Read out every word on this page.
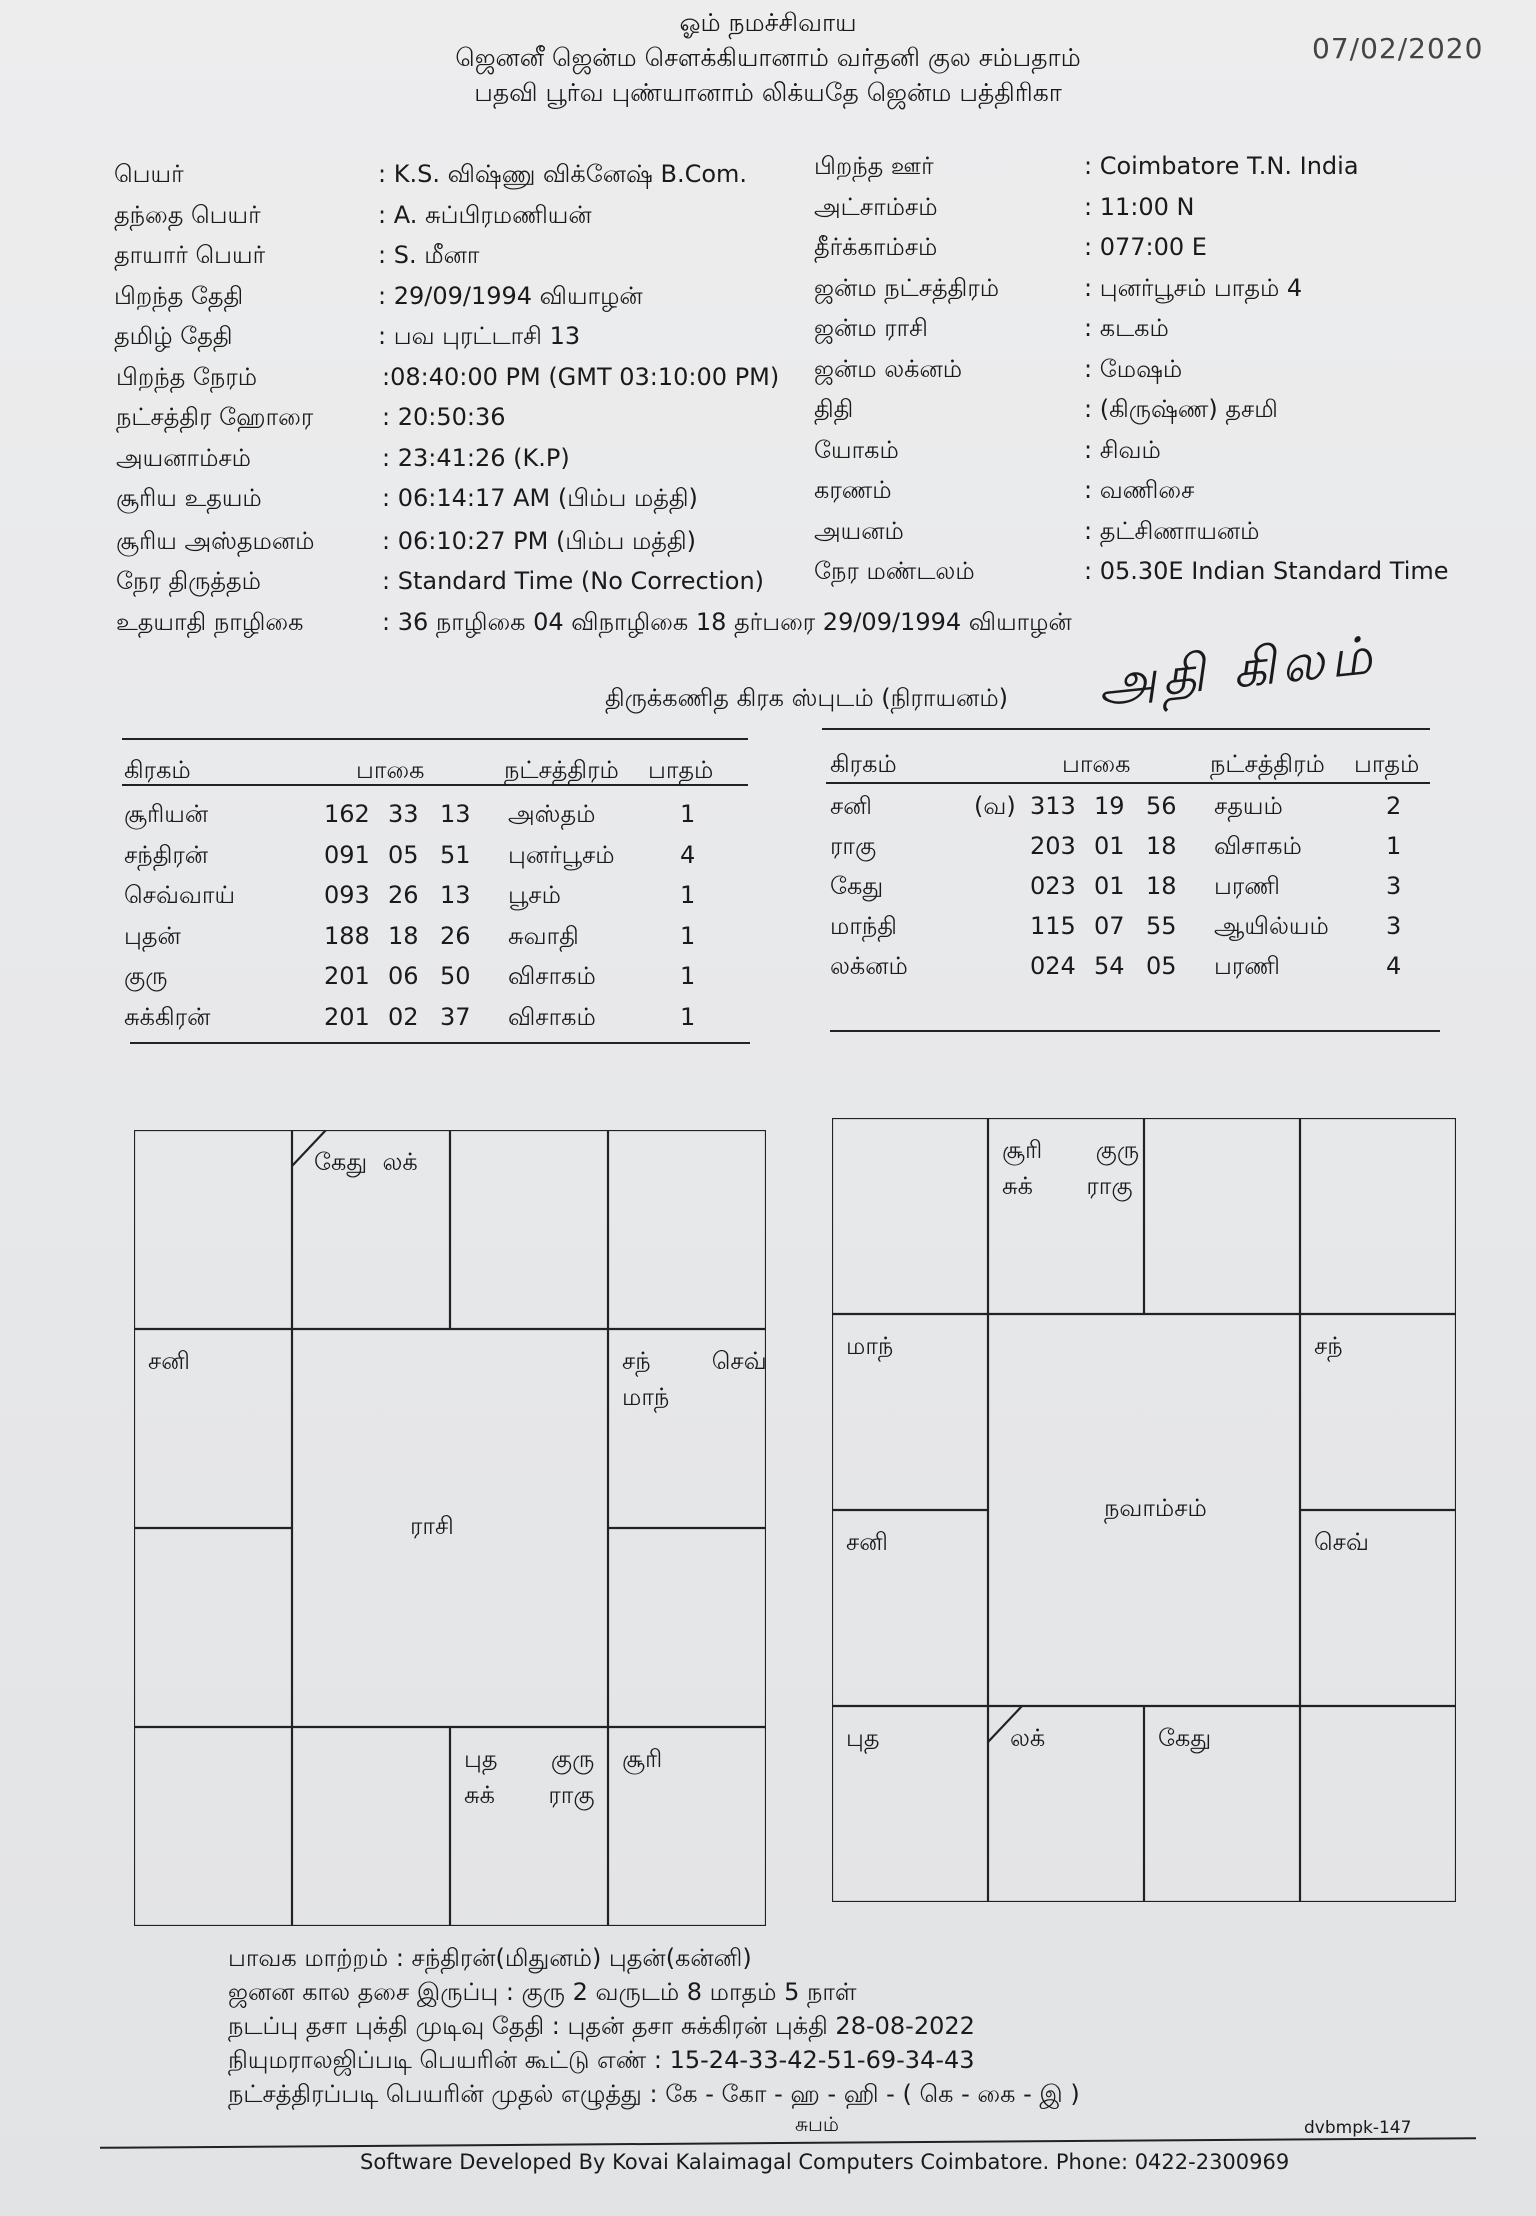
ஓம் நமச்சிவாய
ஜெனனீ ஜென்ம சௌக்கியானாம் வர்தனி குல சம்பதாம்
பதவி பூர்வ புண்யானாம் லிக்யதே ஜென்ம பத்திரிகா
07/02/2020
பெயர்	: K.S. விஷ்ணு விக்னேஷ் B.Com.
தந்தை பெயர்	: A. சுப்பிரமணியன்
தாயார் பெயர்	: S. மீனா
பிறந்த தேதி	: 29/09/1994 வியாழன்
தமிழ் தேதி	: பவ புரட்டாசி 13
பிறந்த நேரம்	:08:40:00 PM (GMT 03:10:00 PM)
நட்சத்திர ஹோரை	: 20:50:36
அயனாம்சம்	: 23:41:26 (K.P)
சூரிய உதயம்	: 06:14:17 AM (பிம்ப மத்தி)
சூரிய அஸ்தமனம்	: 06:10:27 PM (பிம்ப மத்தி)
நேர திருத்தம்	: Standard Time (No Correction)
உதயாதி நாழிகை	: 36 நாழிகை 04 விநாழிகை 18 தர்பரை 29/09/1994 வியாழன்
பிறந்த ஊர்	: Coimbatore T.N. India
அட்சாம்சம்	: 11:00 N
தீர்க்காம்சம்	: 077:00 E
ஜன்ம நட்சத்திரம்	: புனர்பூசம் பாதம் 4
ஜன்ம ராசி	: கடகம்
ஜன்ம லக்னம்	: மேஷம்
திதி	: (கிருஷ்ண) தசமி
யோகம்	: சிவம்
கரணம்	: வணிசை
அயனம்	: தட்சிணாயனம்
நேர மண்டலம்	: 05.30E Indian Standard Time
திருக்கணித கிரக ஸ்புடம் (நிராயனம்) அதி கிலம்
கிரகம்	பாகை	நட்சத்திரம் பாதம்
சூரியன்	162 33 13 அஸ்தம்	1
சந்திரன்	091 05 51 புனர்பூசம்	4
செவ்வாய்	093 26 13 பூசம்	1
புதன்	188 18 26 சுவாதி	1
குரு	201 06 50 விசாகம்	1
சுக்கிரன்	201 02 37 விசாகம்	1
கிரகம்	பாகை	நட்சத்திரம் பாதம்
சனி	(வ) 313 19 56 சதயம்	2
ராகு	203 01 18 விசாகம்	1
கேது	023 01 18 பரணி	3
மாந்தி	115 07 55 ஆயில்யம் 3
லக்னம்	024 54 05 பரணி	4
ராசி
கேது  லக்
சனி	சந்        செவ்
மாந்
புத       குரு
சுக்       ராகு
சூரி
நவாம்சம்
சூரி       குரு
சுக்       ராகு
மாந்	சந்
சனி	செவ்
புத	லக்	கேது
பாவக மாற்றம் : சந்திரன்(மிதுனம்) புதன்(கன்னி)
ஜனன கால தசை இருப்பு : குரு 2 வருடம் 8 மாதம் 5 நாள்
நடப்பு தசா புக்தி முடிவு தேதி : புதன் தசா சுக்கிரன் புக்தி 28-08-2022
நியுமராலஜிப்படி பெயரின் கூட்டு எண் : 15-24-33-42-51-69-34-43
நட்சத்திரப்படி பெயரின் முதல் எழுத்து : கே - கோ - ஹ - ஹி - ( கெ - கை - இ )
சுபம்
Software Developed By Kovai Kalaimagal Computers Coimbatore. Phone: 0422-2300969
dvbmpk-147
